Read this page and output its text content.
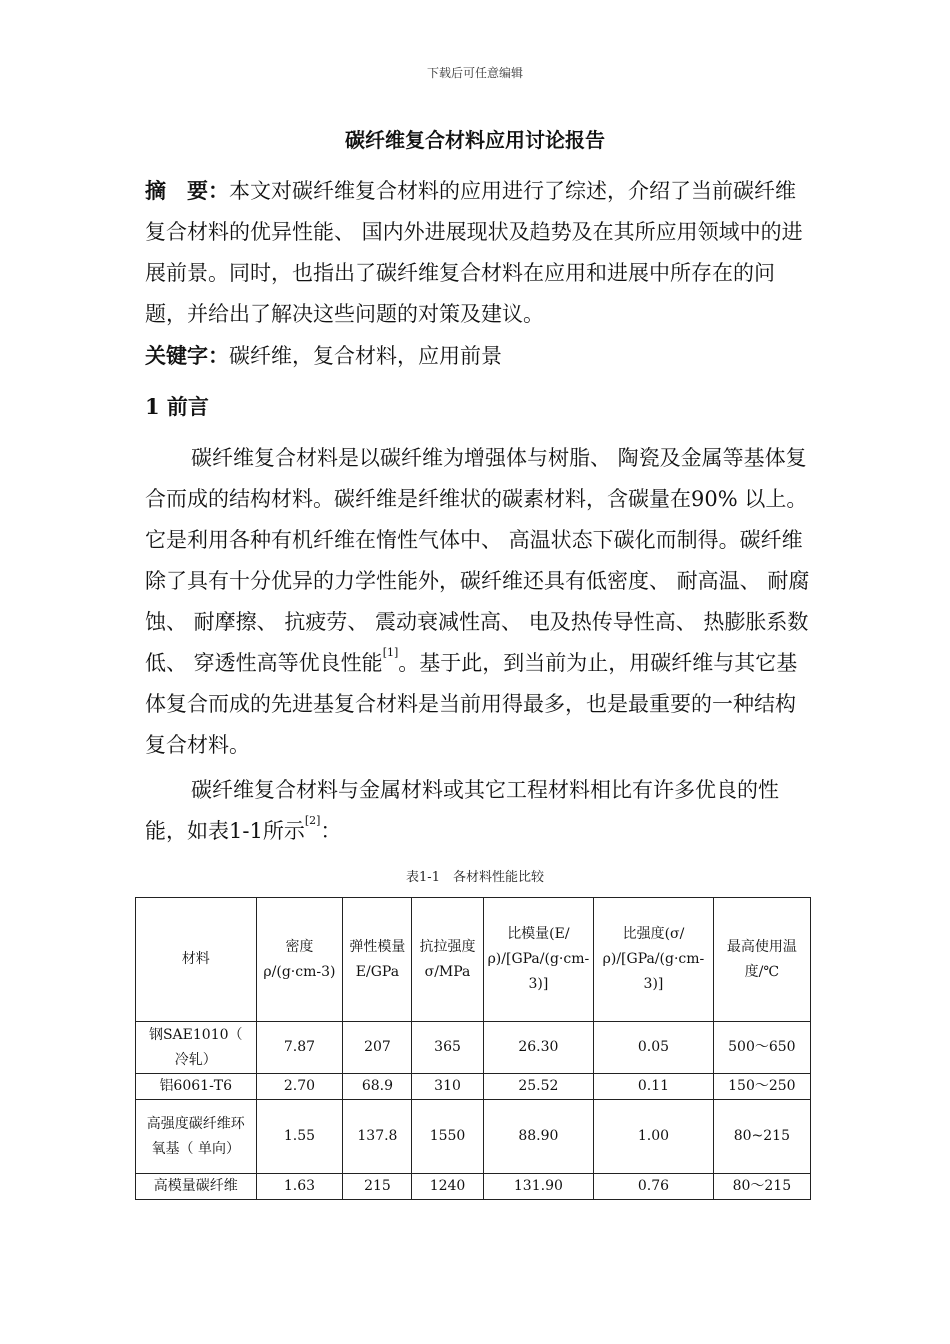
下载后可任意编辑
碳纤维复合材料应用讨论报告

摘　要：本文对碳纤维复合材料的应用进行了综述，介绍了当前碳纤维复合材料的优异性能、 国内外进展现状及趋势及在其所应用领域中的进展前景。同时，也指出了碳纤维复合材料在应用和进展中所存在的问题，并给出了解决这些问题的对策及建议。

关键字：碳纤维，复合材料，应用前景

1 前言
碳纤维复合材料是以碳纤维为增强体与树脂、 陶瓷及金属等基体复合而成的结构材料。碳纤维是纤维状的碳素材料，含碳量在90% 以上。它是利用各种有机纤维在惰性气体中、 高温状态下碳化而制得。碳纤维除了具有十分优异的力学性能外，碳纤维还具有低密度、 耐高温、 耐腐蚀、 耐摩擦、 抗疲劳、 震动衰减性高、 电及热传导性高、 热膨胀系数低、 穿透性高等优良性能[1]。基于此，到当前为止，用碳纤维与其它基体复合而成的先进基复合材料是当前用得最多，也是最重要的一种结构复合材料。
碳纤维复合材料与金属材料或其它工程材料相比有许多优良的性能，如表1-1所示[2]：
表1-1　各材料性能比较
材料	密度ρ/(g·cm-3)	弹性模量E/GPa	抗拉强度σ/MPa	比模量(E/ρ)/[GPa/(g·cm-3)]	比强度(σ/ρ)/[GPa/(g·cm-3)]	最高使用温度/℃
钢SAE1010（ 冷轧）	7.87	207	365	26.30	0.05	500～650
铝6061-T6	2.70	68.9	310	25.52	0.11	150～250
高强度碳纤维环氧基（ 单向）	1.55	137.8	1550	88.90	1.00	80~215
高模量碳纤维	1.63	215	1240	131.90	0.76	80～215
